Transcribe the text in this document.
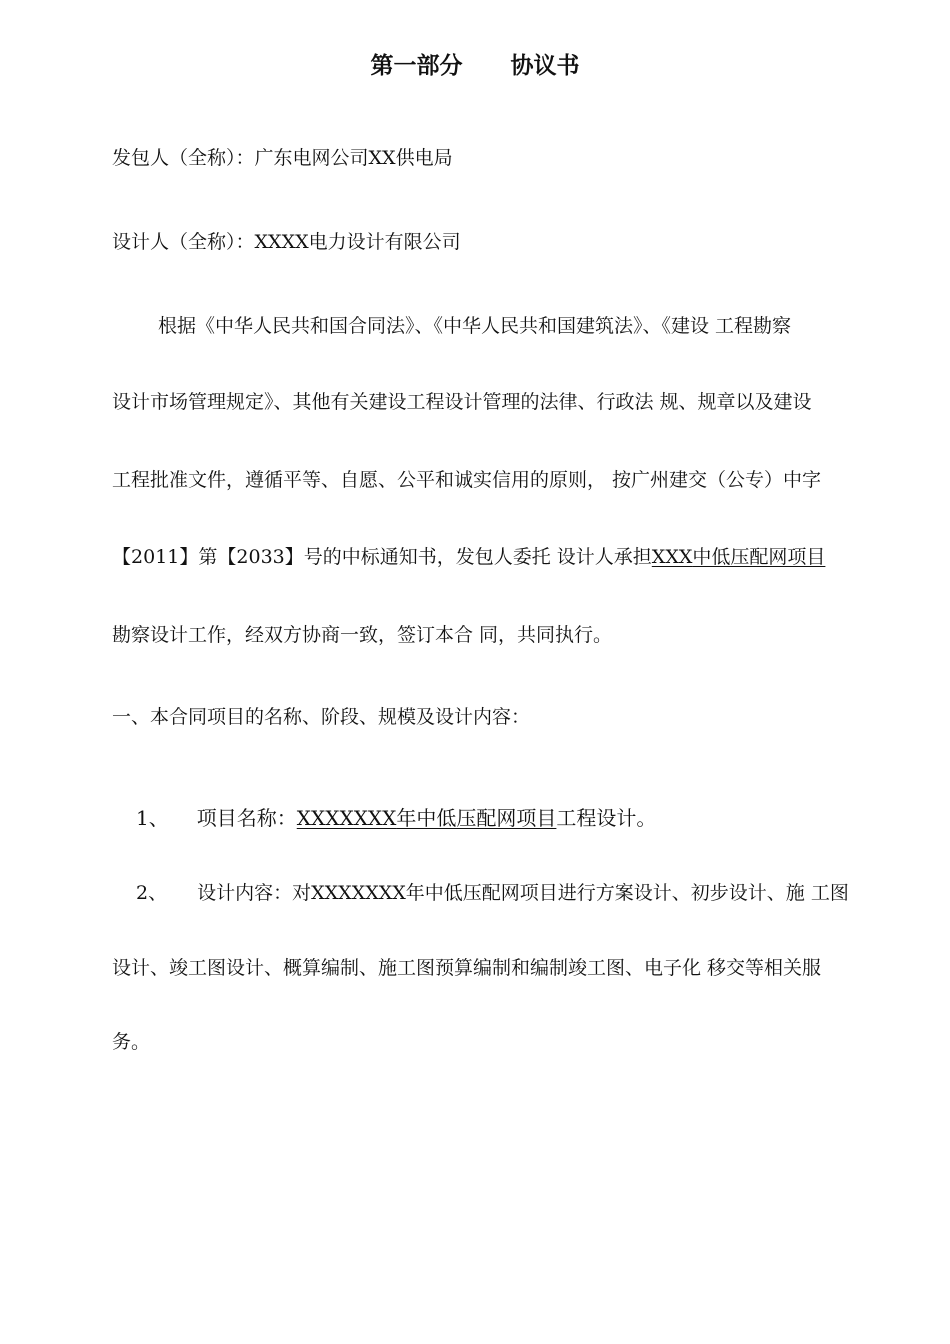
第一部分 协议书
发包人（全称）：广东电网公司XX供电局
设计人（全称）：XXXX电力设计有限公司
根据《中华人民共和国合同法》、《中华人民共和国建筑法》、《建设 工程勘察
设计市场管理规定》、其他有关建设工程设计管理的法律、行政法 规、规章以及建设
工程批准文件，遵循平等、自愿、公平和诚实信用的原则， 按广州建交（公专）中字
【2011】第【2033】号的中标通知书，发包人委托 设计人承担XXX中低压配网项目
勘察设计工作，经双方协商一致，签订本合 同，共同执行。
一、本合同项目的名称、阶段、规模及设计内容：
1、 项目名称：XXXXXXX年中低压配网项目工程设计。
2、 设计内容：对XXXXXXX年中低压配网项目进行方案设计、初步设计、施 工图
设计、竣工图设计、概算编制、施工图预算编制和编制竣工图、电子化 移交等相关服
务。
